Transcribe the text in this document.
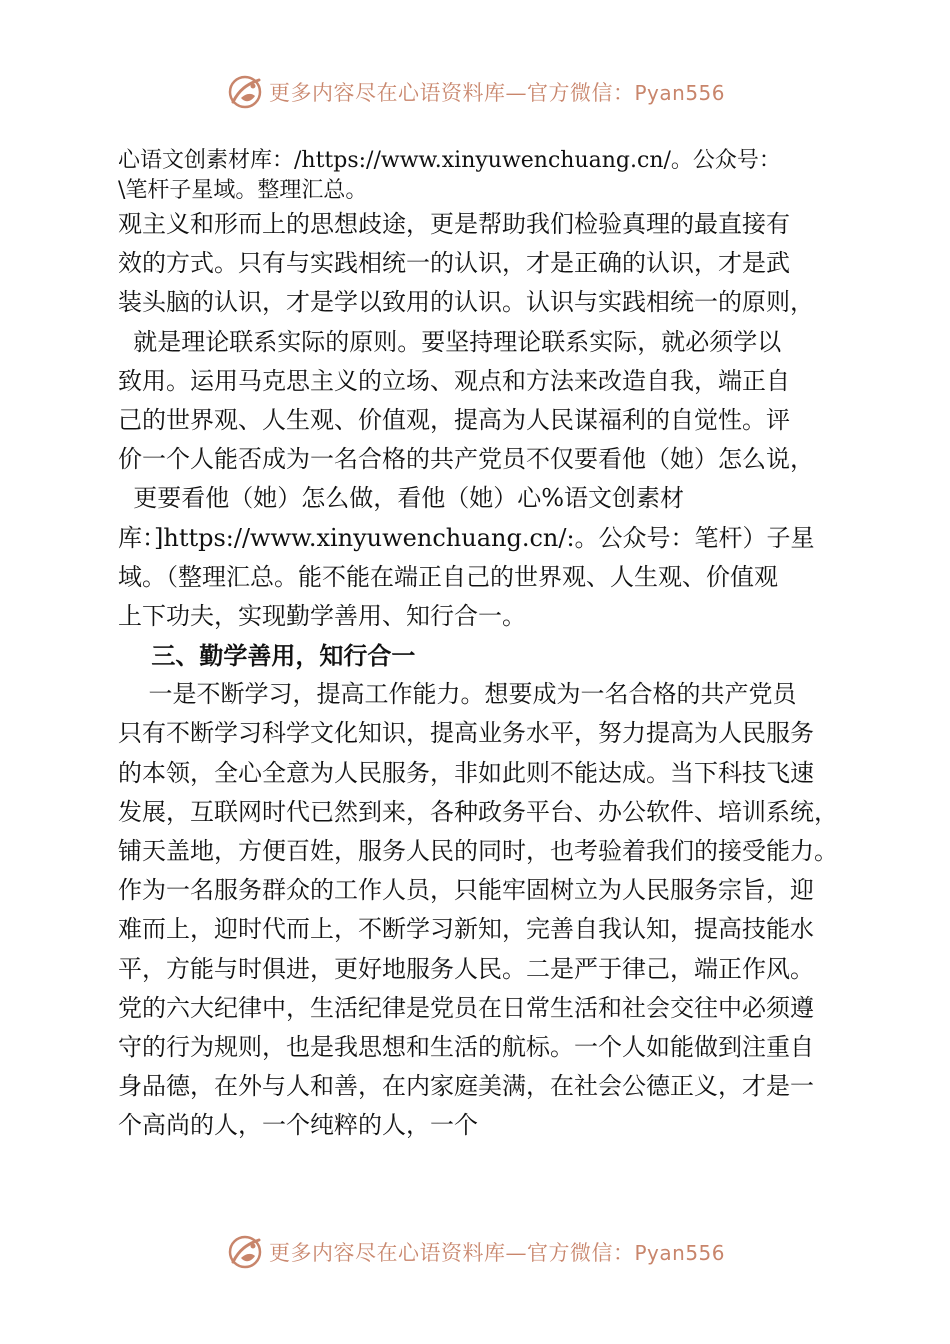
更多内容尽在心语资料库—官方微信：Pyan556
心语文创素材库：/https://www.xinyuwenchuang.cn/。公众号：
\笔杆子星域。整理汇总。
观主义和形而上的思想歧途，更是帮助我们检验真理的最直接有
效的方式。只有与实践相统一的认识，才是正确的认识，才是武
装头脑的认识，才是学以致用的认识。认识与实践相统一的原则，
就是理论联系实际的原则。要坚持理论联系实际，就必须学以
致用。运用马克思主义的立场、观点和方法来改造自我，端正自
己的世界观、人生观、价值观，提高为人民谋福利的自觉性。评
价一个人能否成为一名合格的共产党员不仅要看他（她）怎么说，
更要看他（她）怎么做，看他（她）心%语文创素材
库：]https://www.xinyuwenchuang.cn/:。公众号：笔杆）子星
域。（整理汇总。能不能在端正自己的世界观、人生观、价值观
上下功夫，实现勤学善用、知行合一。
三、勤学善用，知行合一
一是不断学习，提高工作能力。想要成为一名合格的共产党员
只有不断学习科学文化知识，提高业务水平，努力提高为人民服务
的本领，全心全意为人民服务，非如此则不能达成。当下科技飞速
发展，互联网时代已然到来，各种政务平台、办公软件、培训系统，
铺天盖地，方便百姓，服务人民的同时，也考验着我们的接受能力。
作为一名服务群众的工作人员，只能牢固树立为人民服务宗旨，迎
难而上，迎时代而上，不断学习新知，完善自我认知，提高技能水
平，方能与时俱进，更好地服务人民。二是严于律己，端正作风。
党的六大纪律中，生活纪律是党员在日常生活和社会交往中必须遵
守的行为规则，也是我思想和生活的航标。一个人如能做到注重自
身品德，在外与人和善，在内家庭美满，在社会公德正义，才是一
个高尚的人，一个纯粹的人，一个
更多内容尽在心语资料库—官方微信：Pyan556
